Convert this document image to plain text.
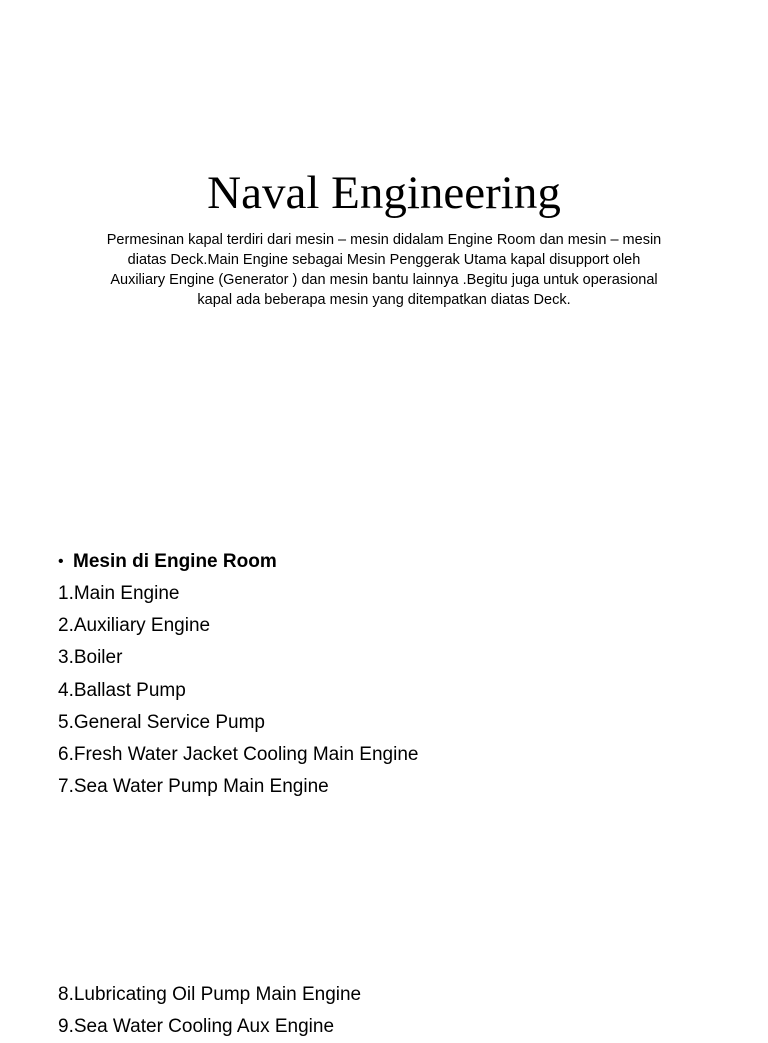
Naval Engineering

Permesinan kapal terdiri dari mesin – mesin didalam Engine Room dan mesin – mesin diatas Deck.Main Engine sebagai Mesin Penggerak Utama kapal disupport oleh Auxiliary Engine (Generator ) dan mesin bantu lainnya .Begitu juga untuk operasional kapal ada beberapa mesin yang ditempatkan diatas Deck.

• Mesin di Engine Room
1.Main Engine
2.Auxiliary Engine
3.Boiler
4.Ballast Pump
5.General Service Pump
6.Fresh Water Jacket Cooling Main Engine
7.Sea Water Pump Main Engine
8.Lubricating Oil Pump Main Engine
9.Sea Water Cooling Aux Engine
